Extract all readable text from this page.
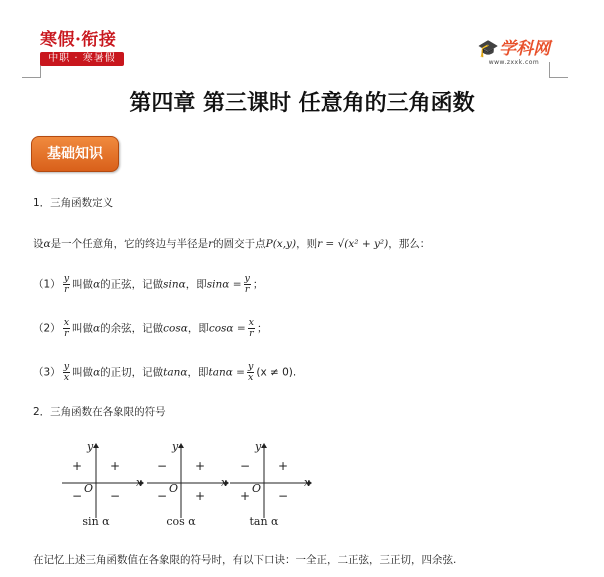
寒假·衔接
中职 · 寒暑假	🎓学科网
www.zxxk.com
第四章 第三课时 任意角的三角函数
基础知识
1．三角函数定义
设α是一个任意角，它的终边与半径是r的圆交于点P(x,y)，则r = √(x² + y²)，那么：
$(1) \frac{y}{r}$ 叫做α的正弦，记做sinα，即$\sin\alpha = \frac{y}{r}$ ；
$(2) \frac{x}{r}$ 叫做α的余弦，记做cosα，即$\cos\alpha = \frac{x}{r}$ ；
$(3) \frac{y}{x}$ 叫做α的正切，记做tanα，即$\tan\alpha = \frac{y}{x} (x \ne 0)$.
2．三角函数在各象限的符号
y
x
O
+
+
− −
y
x
O
+
−
− +
y
x
O
+
−
+ −
sin α	cos α	tan α
在记忆上述三角函数值在各象限的符号时，有以下口诀：一全正，二正弦，三正切，四余弦.
